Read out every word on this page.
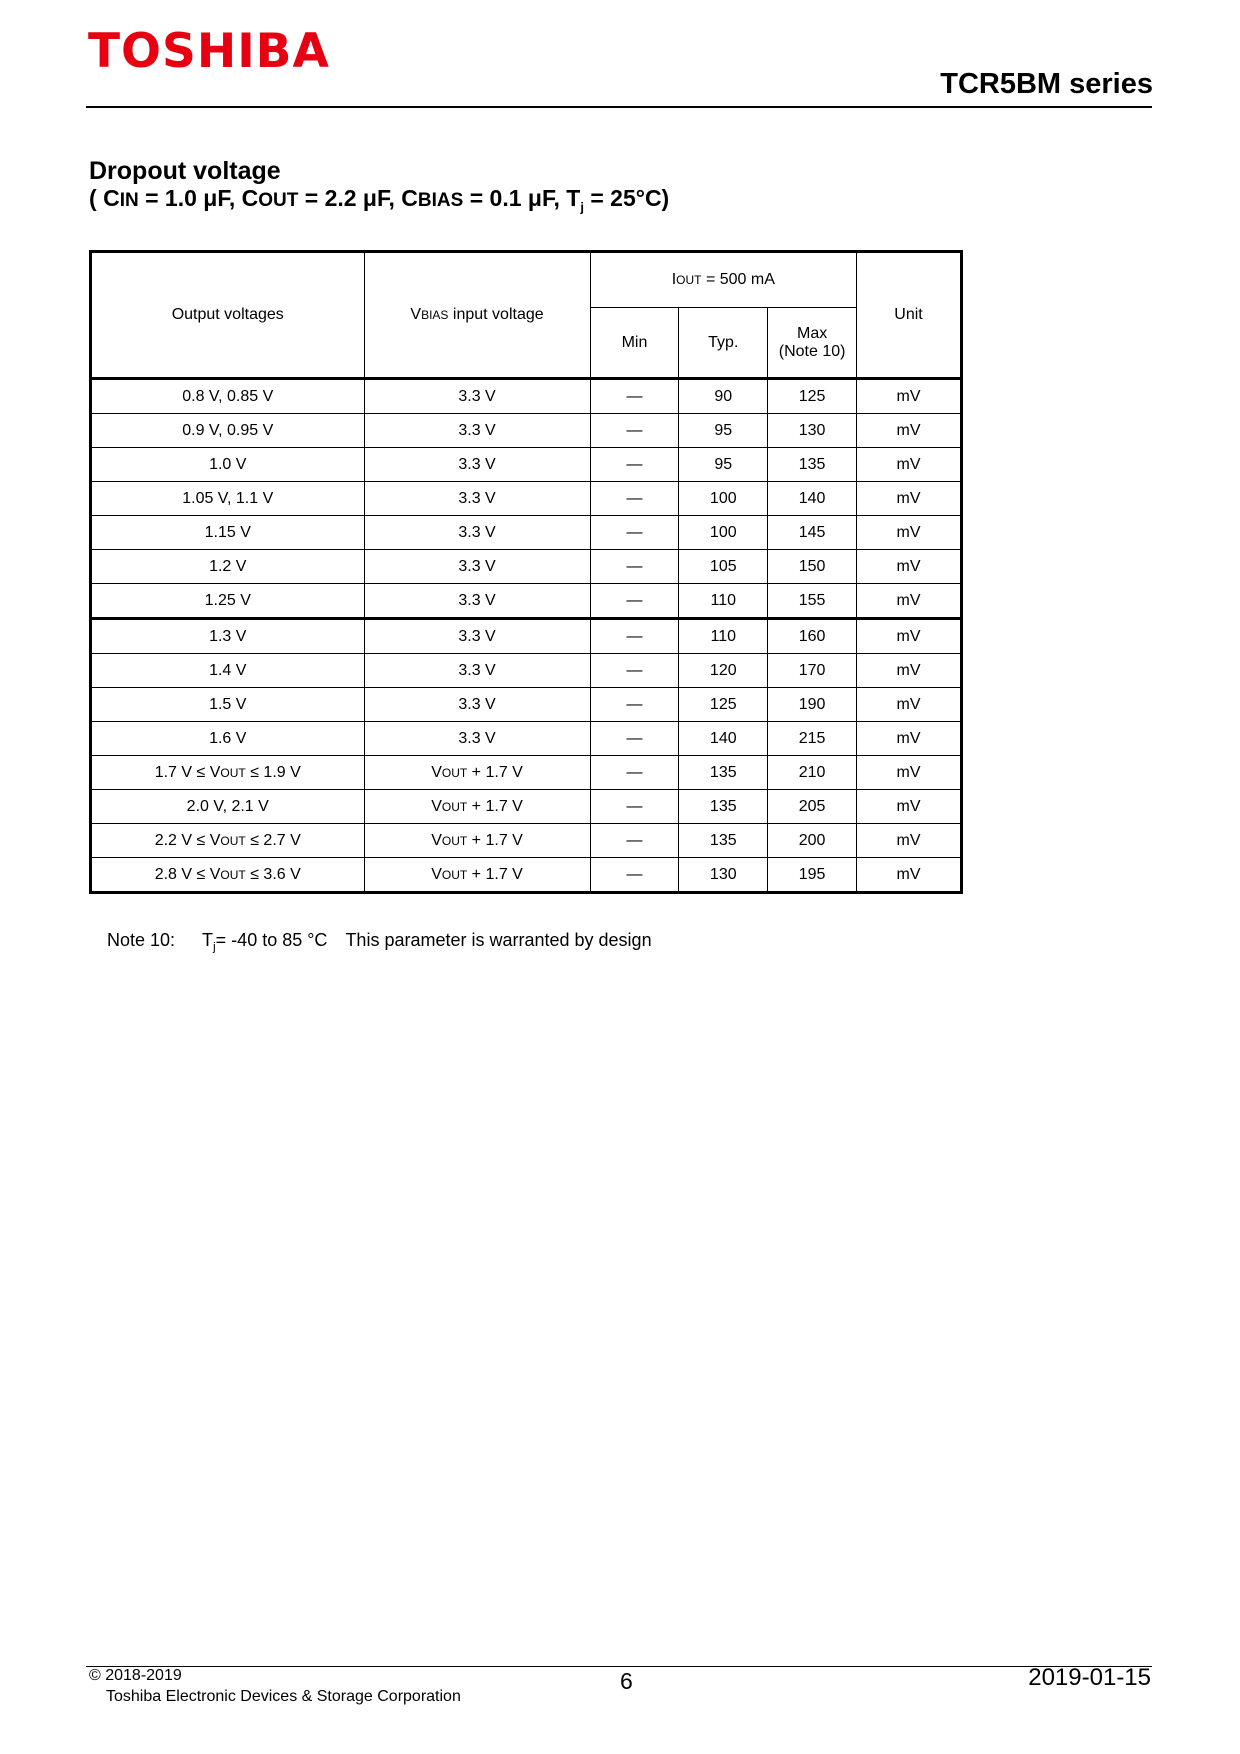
TOSHIBA
TCR5BM series
Dropout voltage
( CIN = 1.0 μF, COUT = 2.2 μF, CBIAS = 0.1 μF, $T_j = 25^\circ C$)
Output voltages	VBIAS input voltage	IOUT = 500 mA			Unit
		Min	Typ.	Max
(Note 10)	
0.8 V, 0.85 V	3.3 V	—	90	125	mV
0.9 V, 0.95 V	3.3 V	—	95	130	mV
1.0 V	3.3 V	—	95	135	mV
1.05 V, 1.1 V	3.3 V	—	100	140	mV
1.15 V	3.3 V	—	100	145	mV
1.2 V	3.3 V	—	105	150	mV
1.25 V	3.3 V	—	110	155	mV
1.3 V	3.3 V	—	110	160	mV
1.4 V	3.3 V	—	120	170	mV
1.5 V	3.3 V	—	125	190	mV
1.6 V	3.3 V	—	140	215	mV
1.7 V ≤ VOUT ≤ 1.9 V	VOUT + 1.7 V	—	135	210	mV
2.0 V, 2.1 V	VOUT + 1.7 V	—	135	205	mV
2.2 V ≤ VOUT ≤ 2.7 V	VOUT + 1.7 V	—	135	200	mV
2.8 V ≤ VOUT ≤ 3.6 V	VOUT + 1.7 V	—	130	195	mV
Note 10: $T_j= -40$ to 85 °C This parameter is warranted by design
© 2018-2019
Toshiba Electronic Devices & Storage Corporation
6	2019-01-15
